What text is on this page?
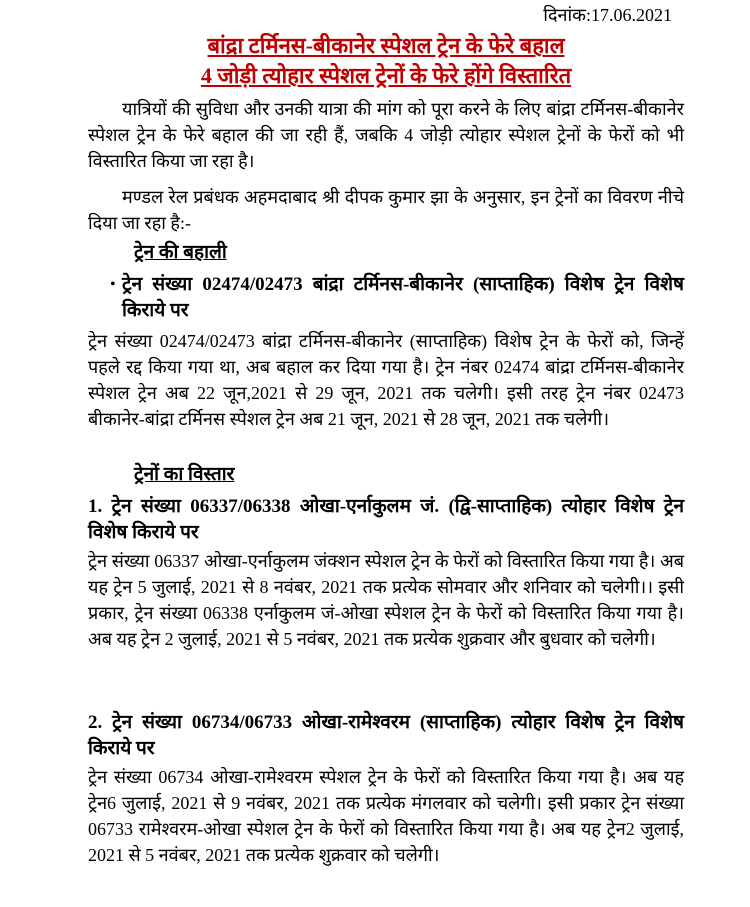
दिनांक:17.06.2021
बांद्रा टर्मिनस-बीकानेर स्पेशल ट्रेन के फेरे बहाल
4 जोड़ी त्योहार स्पेशल ट्रेनों के फेरे होंगे विस्तारित

यात्रियों की सुविधा और उनकी यात्रा की मांग को पूरा करने के लिए बांद्रा टर्मिनस-बीकानेर स्पेशल ट्रेन के फेरे बहाल की जा रही हैं, जबकि 4 जोड़ी त्योहार स्पेशल ट्रेनों के फेरों को भी विस्तारित किया जा रहा है।

मण्डल रेल प्रबंधक अहमदाबाद श्री दीपक कुमार झा के अनुसार, इन ट्रेनों का विवरण नीचे दिया जा रहा है:-

ट्रेन की बहाली
• ट्रेन संख्या 02474/02473 बांद्रा टर्मिनस-बीकानेर (साप्ताहिक) विशेष ट्रेन विशेष किराये पर

ट्रेन संख्या 02474/02473 बांद्रा टर्मिनस-बीकानेर (साप्ताहिक) विशेष ट्रेन के फेरों को, जिन्हें पहले रद्द किया गया था, अब बहाल कर दिया गया है। ट्रेन नंबर 02474 बांद्रा टर्मिनस-बीकानेर स्पेशल ट्रेन अब 22 जून,2021 से 29 जून, 2021 तक चलेगी। इसी तरह ट्रेन नंबर 02473 बीकानेर-बांद्रा टर्मिनस स्पेशल ट्रेन अब 21 जून, 2021 से 28 जून, 2021 तक चलेगी।

ट्रेनों का विस्तार

1. ट्रेन संख्या 06337/06338 ओखा-एर्नाकुलम जं. (द्वि-साप्ताहिक) त्योहार विशेष ट्रेन विशेष किराये पर

ट्रेन संख्या 06337 ओखा-एर्नाकुलम जंक्शन स्पेशल ट्रेन के फेरों को विस्तारित किया गया है। अब यह ट्रेन 5 जुलाई, 2021 से 8 नवंबर, 2021 तक प्रत्येक सोमवार और शनिवार को चलेगी।। इसी प्रकार, ट्रेन संख्या 06338 एर्नाकुलम जं-ओखा स्पेशल ट्रेन के फेरों को विस्तारित किया गया है। अब यह ट्रेन 2 जुलाई, 2021 से 5 नवंबर, 2021 तक प्रत्येक शुक्रवार और बुधवार को चलेगी।

2. ट्रेन संख्या 06734/06733 ओखा-रामेश्वरम (साप्ताहिक) त्योहार विशेष ट्रेन विशेष किराये पर

ट्रेन संख्या 06734 ओखा-रामेश्वरम स्पेशल ट्रेन के फेरों को विस्तारित किया गया है। अब यह ट्रेन6 जुलाई, 2021 से 9 नवंबर, 2021 तक प्रत्येक मंगलवार को चलेगी। इसी प्रकार ट्रेन संख्या 06733 रामेश्वरम-ओखा स्पेशल ट्रेन के फेरों को विस्तारित किया गया है। अब यह ट्रेन2 जुलाई, 2021 से 5 नवंबर, 2021 तक प्रत्येक शुक्रवार को चलेगी।
